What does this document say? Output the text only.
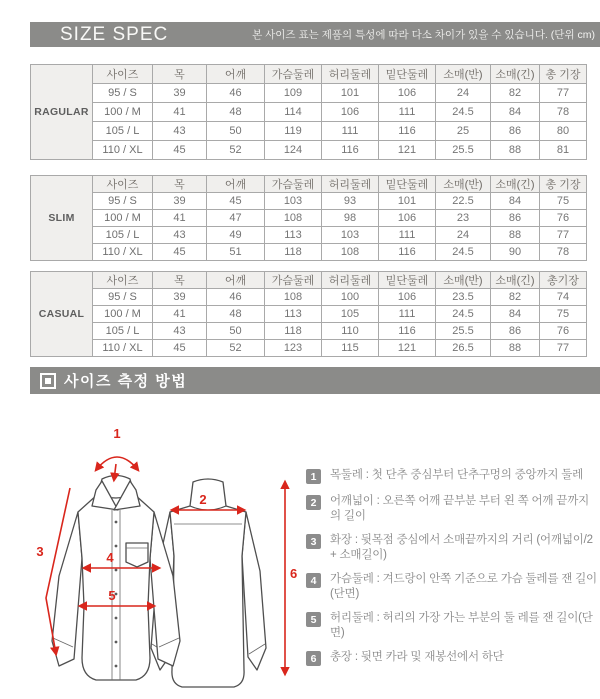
SIZE SPEC	본 사이즈 표는 제품의 특성에 따라 다소 차이가 있을 수 있습니다. (단위 cm)
RAGULAR	사이즈	목	어깨	가슴둘레	허리둘레	밑단둘레	소매(반)	소매(긴)	총 기장
	95 / S	39	46	109	101	106	24	82	77
	100 / M	41	48	114	106	111	24.5	84	78
	105 / L	43	50	119	111	116	25	86	80
	110 / XL	45	52	124	116	121	25.5	88	81
SLIM	사이즈	목	어깨	가슴둘레	허리둘레	밑단둘레	소매(반)	소매(긴)	총 기장
	95 / S	39	45	103	93	101	22.5	84	75
	100 / M	41	47	108	98	106	23	86	76
	105 / L	43	49	113	103	111	24	88	77
	110 / XL	45	51	118	108	116	24.5	90	78
CASUAL	사이즈	목	어깨	가슴둘레	허리둘레	밑단둘레	소매(반)	소매(긴)	총기장
	95 / S	39	46	108	100	106	23.5	82	74
	100 / M	41	48	113	105	111	24.5	84	75
	105 / L	43	50	118	110	116	25.5	86	76
	110 / XL	45	52	123	115	121	26.5	88	77
사이즈 측정 방법
1
2
3	4
5
6
1	목둘레 : 첫 단추 중심부터 단추구멍의 중앙까지 둘레
2	어깨넓이 : 오른쪽 어깨 끝부분 부터 왼 쪽 어깨 끝까지의 길이
3	화장 : 뒷목점 중심에서 소매끝까지의 거리 (어깨넓이/2 + 소매길이)
4	가슴둘레 : 겨드랑이 안쪽 기준으로 가슴 둘레를 잰 길이(단면)
5	허리둘레 : 허리의 가장 가는 부분의 둘 레를 잰 길이(단면)
6	총장 : 뒷면 카라 및 재봉선에서 하단
